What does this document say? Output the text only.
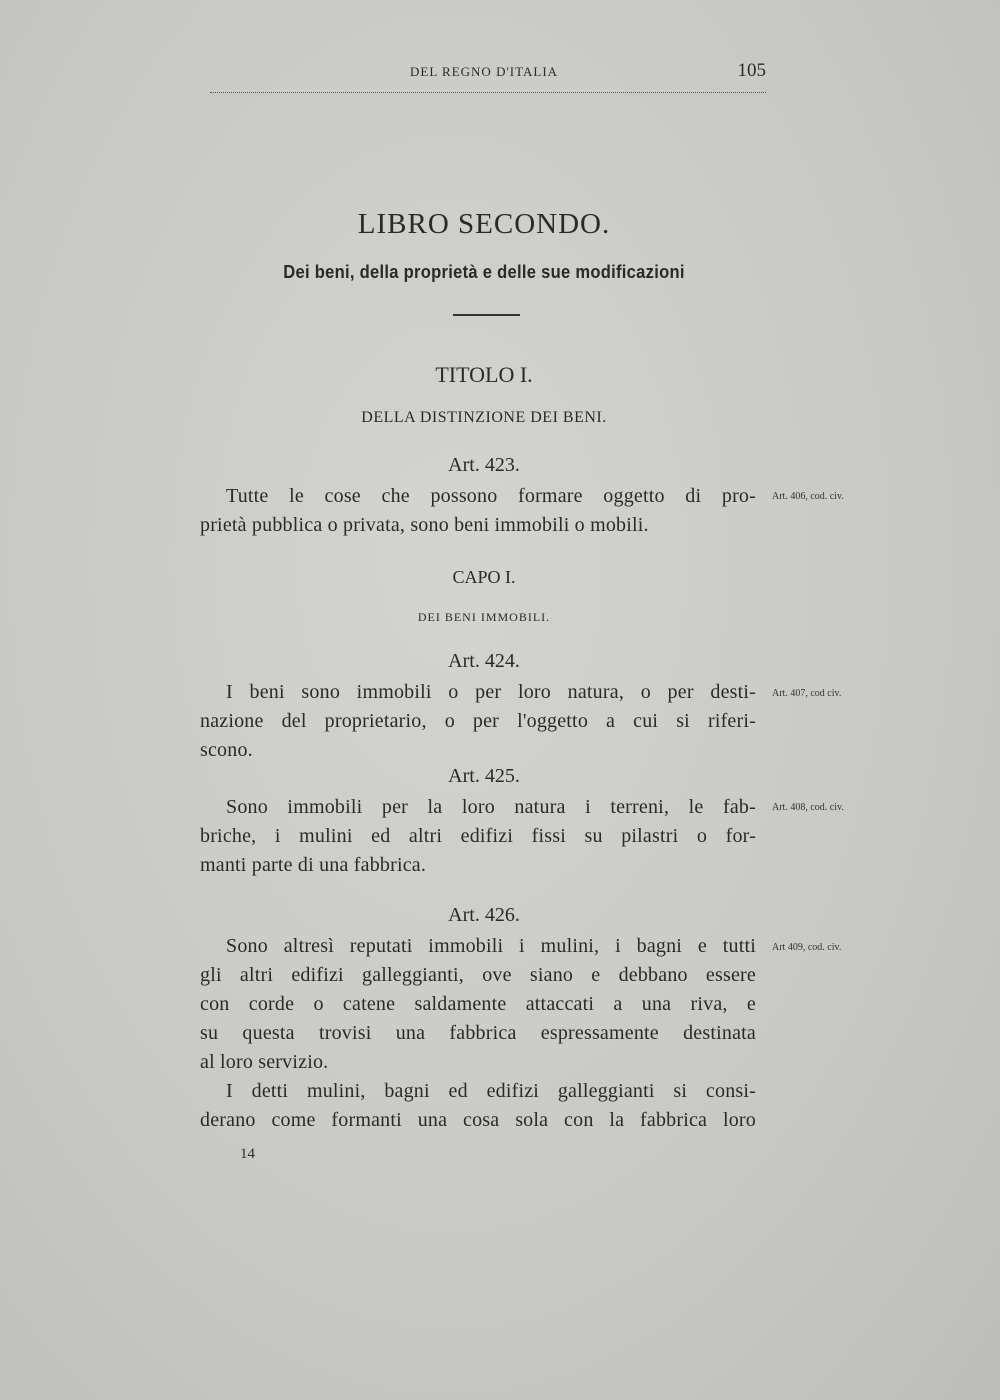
DEL REGNO D'ITALIA	105
LIBRO SECONDO.
Dei beni, della proprietà e delle sue modificazioni
TITOLO I.
DELLA DISTINZIONE DEI BENI.
Art. 423.
Art. 406, cod. civ.
Tutte le cose che possono formare oggetto di pro-
prietà pubblica o privata, sono beni immobili o mobili.
CAPO I.
DEI BENI IMMOBILI.
Art. 424.
Art. 407, cod civ.
I beni sono immobili o per loro natura, o per desti-
nazione del proprietario, o per l'oggetto a cui si riferi-
scono.
Art. 425.
Art. 408, cod. civ.
Sono immobili per la loro natura i terreni, le fab-
briche, i mulini ed altri edifizi fissi su pilastri o for-
manti parte di una fabbrica.
Art. 426.
Art 409, cod. civ.
Sono altresì reputati immobili i mulini, i bagni e tutti
gli altri edifizi galleggianti, ove siano e debbano essere
con corde o catene saldamente attaccati a una riva, e
su questa trovisi una fabbrica espressamente destinata
al loro servizio.
I detti mulini, bagni ed edifizi galleggianti si consi-
derano come formanti una cosa sola con la fabbrica loro
14
